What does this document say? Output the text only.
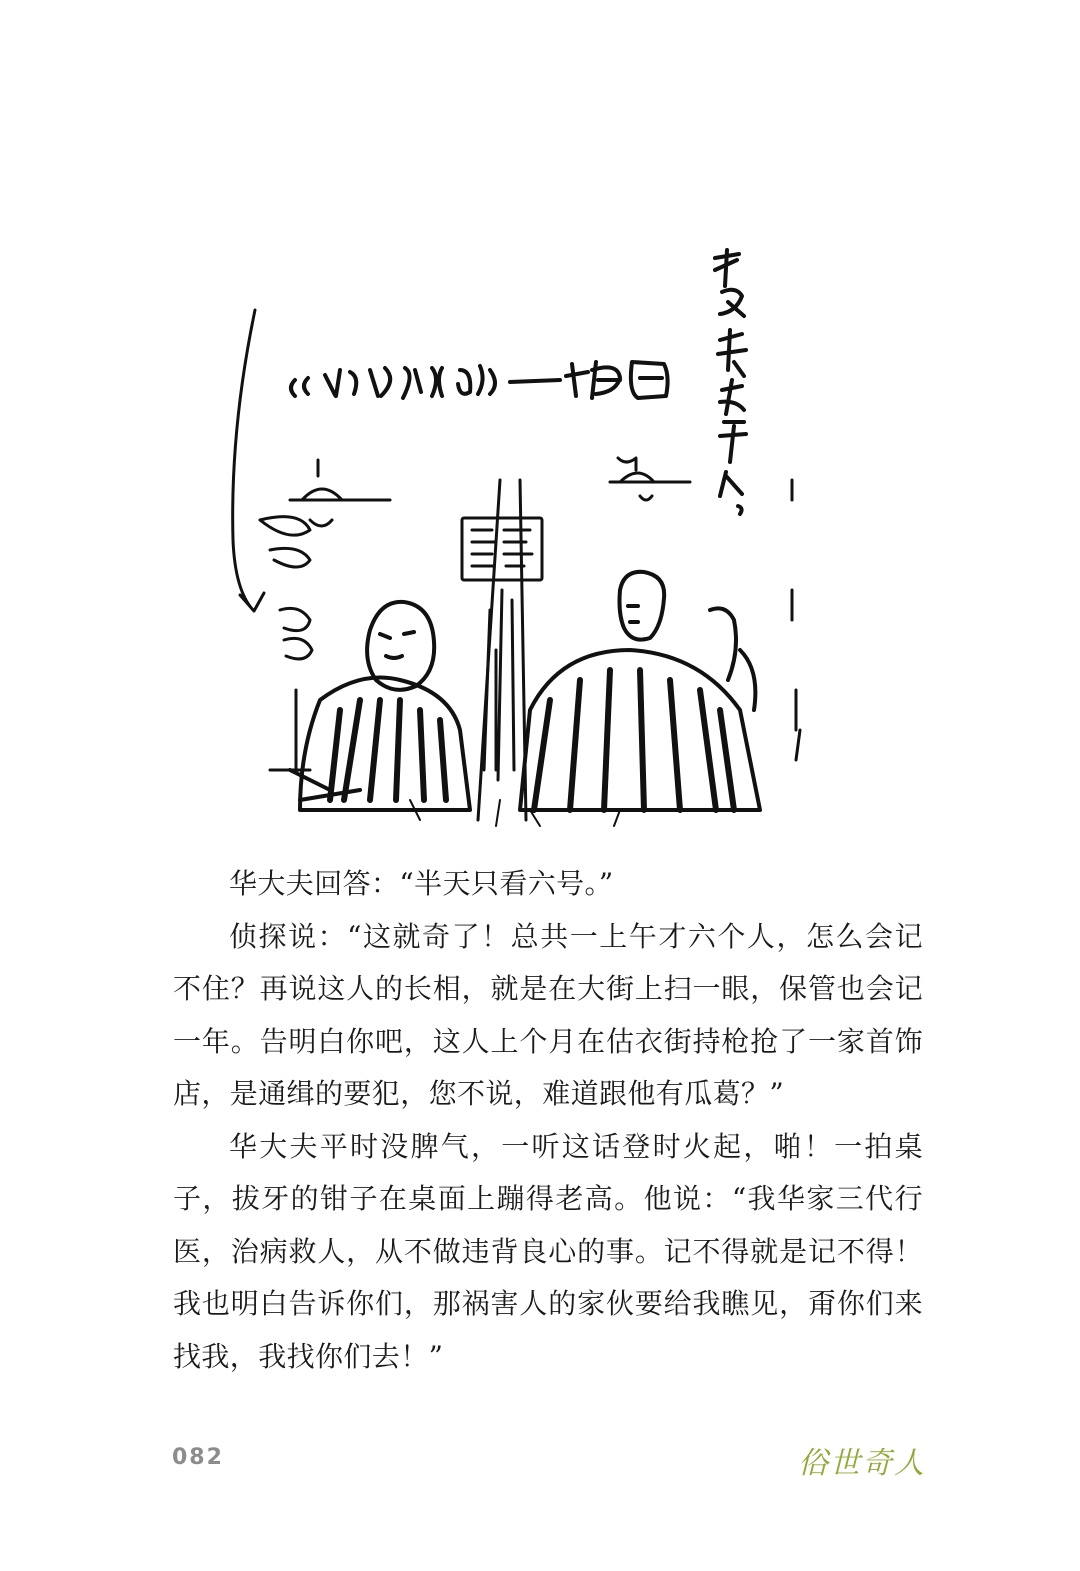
华大夫回答：“半天只看六号。”

侦探说：“这就奇了！总共一上午才六个人，怎么会记不住？再说这人的长相，就是在大街上扫一眼，保管也会记一年。告明白你吧，这人上个月在估衣街持枪抢了一家首饰店，是通缉的要犯，您不说，难道跟他有瓜葛？”

华大夫平时没脾气，一听这话登时火起，啪！一拍桌子，拔牙的钳子在桌面上蹦得老高。他说：“我华家三代行医，治病救人，从不做违背良心的事。记不得就是记不得！我也明白告诉你们，那祸害人的家伙要给我瞧见，甭你们来找我，我找你们去！”

082	俗世奇人
